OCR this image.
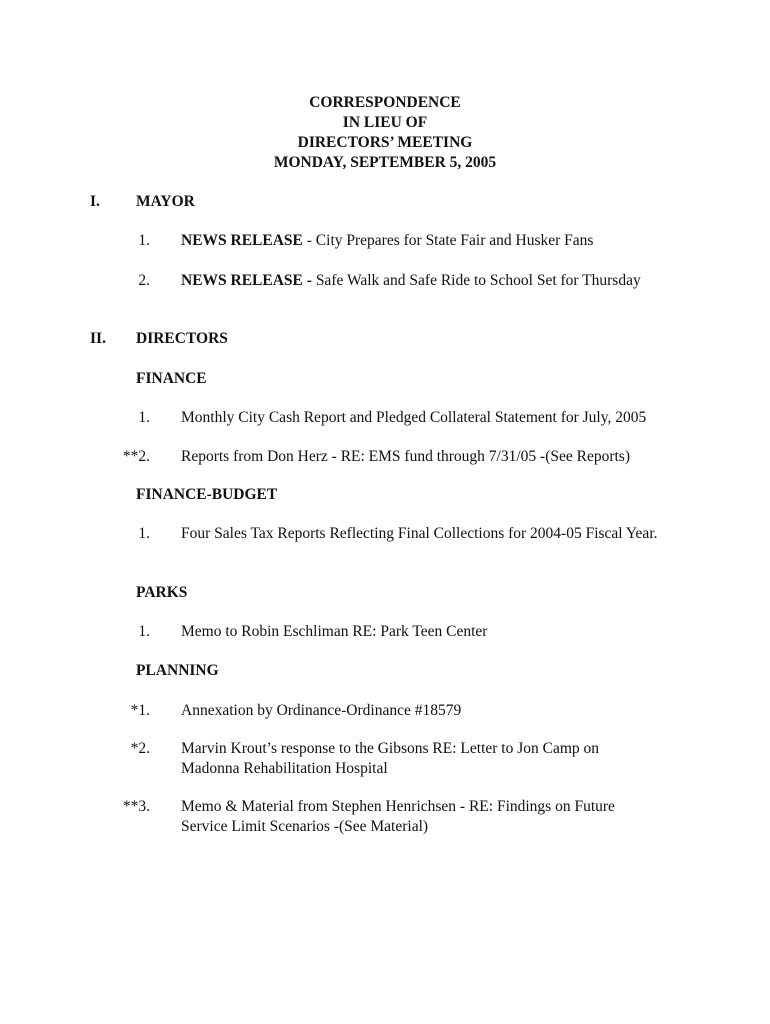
CORRESPONDENCE
IN LIEU OF
DIRECTORS’ MEETING
MONDAY, SEPTEMBER 5, 2005
I. MAYOR
1. NEWS RELEASE - City Prepares for State Fair and Husker Fans
2. NEWS RELEASE - Safe Walk and Safe Ride to School Set for Thursday
II. DIRECTORS
FINANCE
1. Monthly City Cash Report and Pledged Collateral Statement for July, 2005
**2. Reports from Don Herz - RE: EMS fund through 7/31/05 -(See Reports)
FINANCE-BUDGET
1. Four Sales Tax Reports Reflecting Final Collections for 2004-05 Fiscal Year.
PARKS
1. Memo to Robin Eschliman RE: Park Teen Center
PLANNING
*1. Annexation by Ordinance-Ordinance #18579
*2. Marvin Krout’s response to the Gibsons RE: Letter to Jon Camp on Madonna Rehabilitation Hospital
**3. Memo & Material from Stephen Henrichsen - RE: Findings on Future Service Limit Scenarios -(See Material)
